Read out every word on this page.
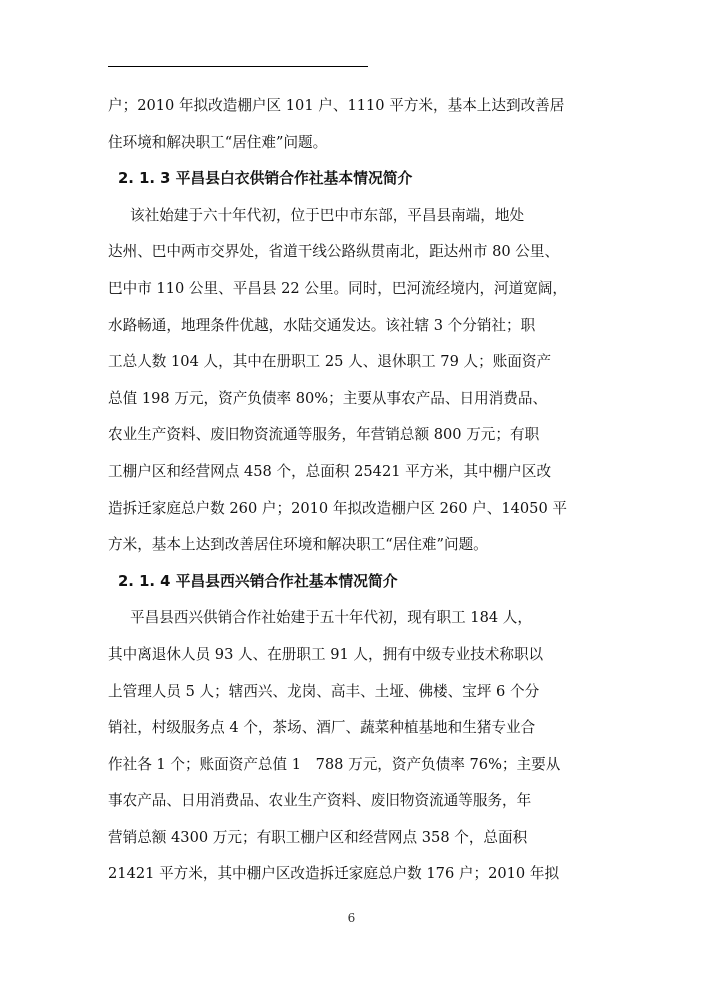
户；2010 年拟改造棚户区 101 户、1110 平方米，基本上达到改善居
住环境和解决职工“居住难”问题。
2. 1. 3 平昌县白衣供销合作社基本情况简介
该社始建于六十年代初，位于巴中市东部，平昌县南端，地处
达州、巴中两市交界处，省道干线公路纵贯南北，距达州市 80 公里、
巴中市 110 公里、平昌县 22 公里。同时，巴河流经境内，河道宽阔，
水路畅通，地理条件优越，水陆交通发达。该社辖 3 个分销社；职
工总人数 104 人，其中在册职工 25 人、退休职工 79 人；账面资产
总值 198 万元，资产负债率 80%；主要从事农产品、日用消费品、
农业生产资料、废旧物资流通等服务，年营销总额 800 万元；有职
工棚户区和经营网点 458 个，总面积 25421 平方米，其中棚户区改
造拆迁家庭总户数 260 户；2010 年拟改造棚户区 260 户、14050 平
方米，基本上达到改善居住环境和解决职工“居住难”问题。
2. 1. 4 平昌县西兴销合作社基本情况简介
平昌县西兴供销合作社始建于五十年代初，现有职工 184 人，
其中离退休人员 93 人、在册职工 91 人，拥有中级专业技术称职以
上管理人员 5 人；辖西兴、龙岗、高丰、土垭、佛楼、宝坪 6 个分
销社，村级服务点 4 个，茶场、酒厂、蔬菜种植基地和生猪专业合
作社各 1 个；账面资产总值 1　788 万元，资产负债率 76%；主要从
事农产品、日用消费品、农业生产资料、废旧物资流通等服务，年
营销总额 4300 万元；有职工棚户区和经营网点 358 个，总面积
21421 平方米，其中棚户区改造拆迁家庭总户数 176 户；2010 年拟
6
